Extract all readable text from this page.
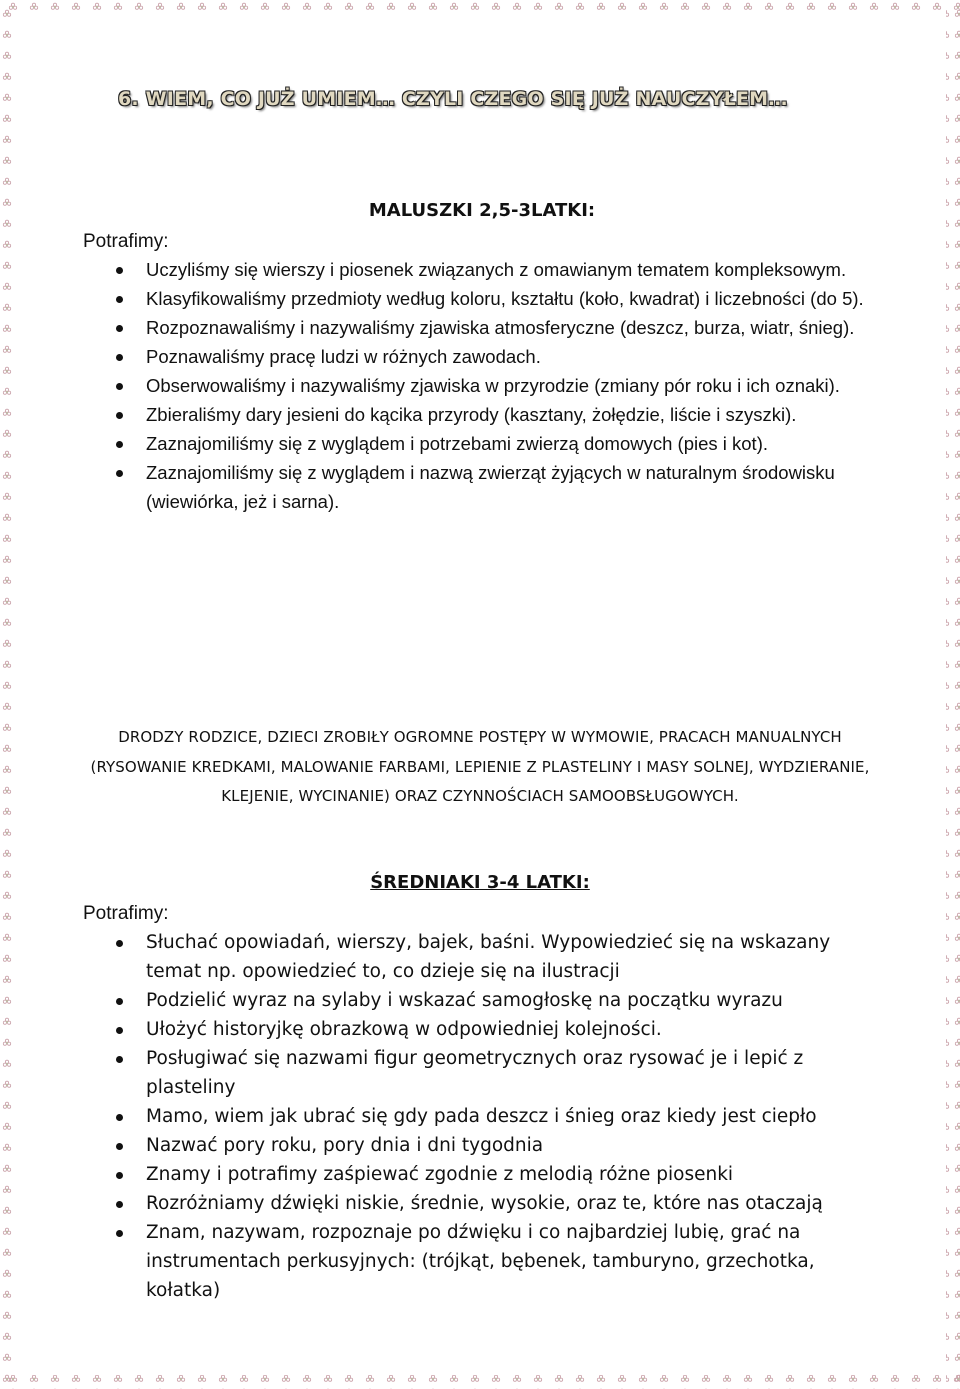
6. WIEM, CO JUŻ UMIEM… CZYLI CZEGO SIĘ JUŻ NAUCZYŁEM…
MALUSZKI 2,5-3LATKI:
Potrafimy:
Uczyliśmy się wierszy i piosenek związanych z omawianym tematem kompleksowym.
Klasyfikowaliśmy przedmioty według koloru, kształtu (koło, kwadrat) i liczebności (do 5).
Rozpoznawaliśmy i nazywaliśmy zjawiska atmosferyczne (deszcz, burza, wiatr, śnieg).
Poznawaliśmy pracę ludzi w różnych zawodach.
Obserwowaliśmy i nazywaliśmy zjawiska w przyrodzie (zmiany pór roku i ich oznaki).
Zbieraliśmy dary jesieni do kącika przyrody (kasztany, żołędzie, liście i szyszki).
Zaznajomiliśmy się z wyglądem i potrzebami zwierzą domowych (pies i kot).
Zaznajomiliśmy się z wyglądem i nazwą zwierząt żyjących w naturalnym środowisku (wiewiórka, jeż i sarna).
DRODZY RODZICE, DZIECI ZROBIŁY OGROMNE POSTĘPY W WYMOWIE, PRACACH MANUALNYCH (RYSOWANIE KREDKAMI, MALOWANIE FARBAMI, LEPIENIE Z PLASTELINY I MASY SOLNEJ, WYDZIERANIE, KLEJENIE, WYCINANIE) ORAZ CZYNNOŚCIACH SAMOOBSŁUGOWYCH.
ŚREDNIAKI 3-4 LATKI:
Potrafimy:
Słuchać opowiadań, wierszy, bajek, baśni. Wypowiedzieć się na wskazany temat np. opowiedzieć to, co dzieje się na ilustracji
Podzielić wyraz na sylaby i wskazać samogłoskę na początku wyrazu
Ułożyć historyjkę obrazkową w odpowiedniej kolejności.
Posługiwać się nazwami figur geometrycznych oraz rysować je i lepić z plasteliny
Mamo, wiem jak ubrać się gdy pada deszcz i śnieg oraz kiedy jest ciepło
Nazwać pory roku, pory dnia i dni tygodnia
Znamy i potrafimy zaśpiewać zgodnie z melodią różne piosenki
Rozróżniamy dźwięki niskie, średnie, wysokie, oraz te, które nas otaczają
Znam, nazywam, rozpoznaje po dźwięku i co najbardziej lubię, grać na instrumentach perkusyjnych: (trójkąt, bębenek, tamburyno, grzechotka, kołatka)
